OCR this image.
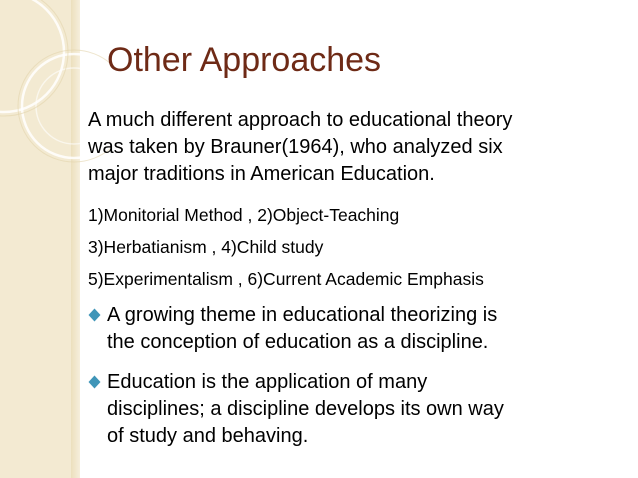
Other Approaches

A much different approach to educational theory
was taken by Brauner(1964), who analyzed six
major traditions in American Education.

1)Monitorial Method , 2)Object-Teaching

3)Herbatianism , 4)Child study

5)Experimentalism , 6)Current Academic Emphasis

A growing theme in educational theorizing is
the conception of education as a discipline.
Education is the application of many
disciplines; a discipline develops its own way
of study and behaving.
